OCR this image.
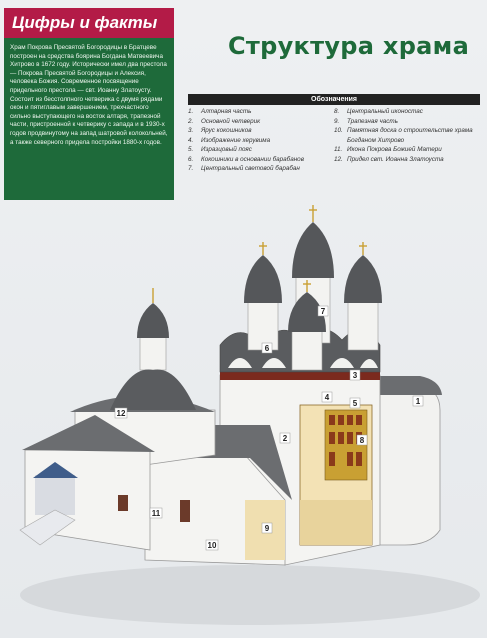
Цифры и факты
Храм Покрова Пресвятой Богородицы в Братцеве построен на средства боярина Богдана Матвеевича Хитрово в 1672 году. Исторически имел два престола — Покрова Пресвятой Богородицы и Алексия, человека Божия. Современное посвящение придельного престола — свт. Иоанну Златоусту. Состоит из бесстолпного четверика с двумя рядами окон и пятиглавым завершением, трехчастного сильно выступающего на восток алтаря, трапезной части, пристроенной к четверику с запада и в 1930-х годов продвинутому на запад шатровой колокольней, а также северного придела постройки 1880-х годов.
Структура храма
Обозначения
1.	Алтарная часть
2.	Основной четверик
3.	Ярус кокошников
4.	Изображение херувима
5.	Изразцовый пояс
6.	Кокошники в основании барабанов
7.	Центральный световой барабан
8.	Центральный иконостас
9.	Трапезная часть
10. Памятная доска о строительстве храма Богданом Хитрово
11. Икона Покрова Божией Матери
12. Придел свт. Иоанна Златоуста
1
2
3
4
5
6
7
8
9
10
11
12
